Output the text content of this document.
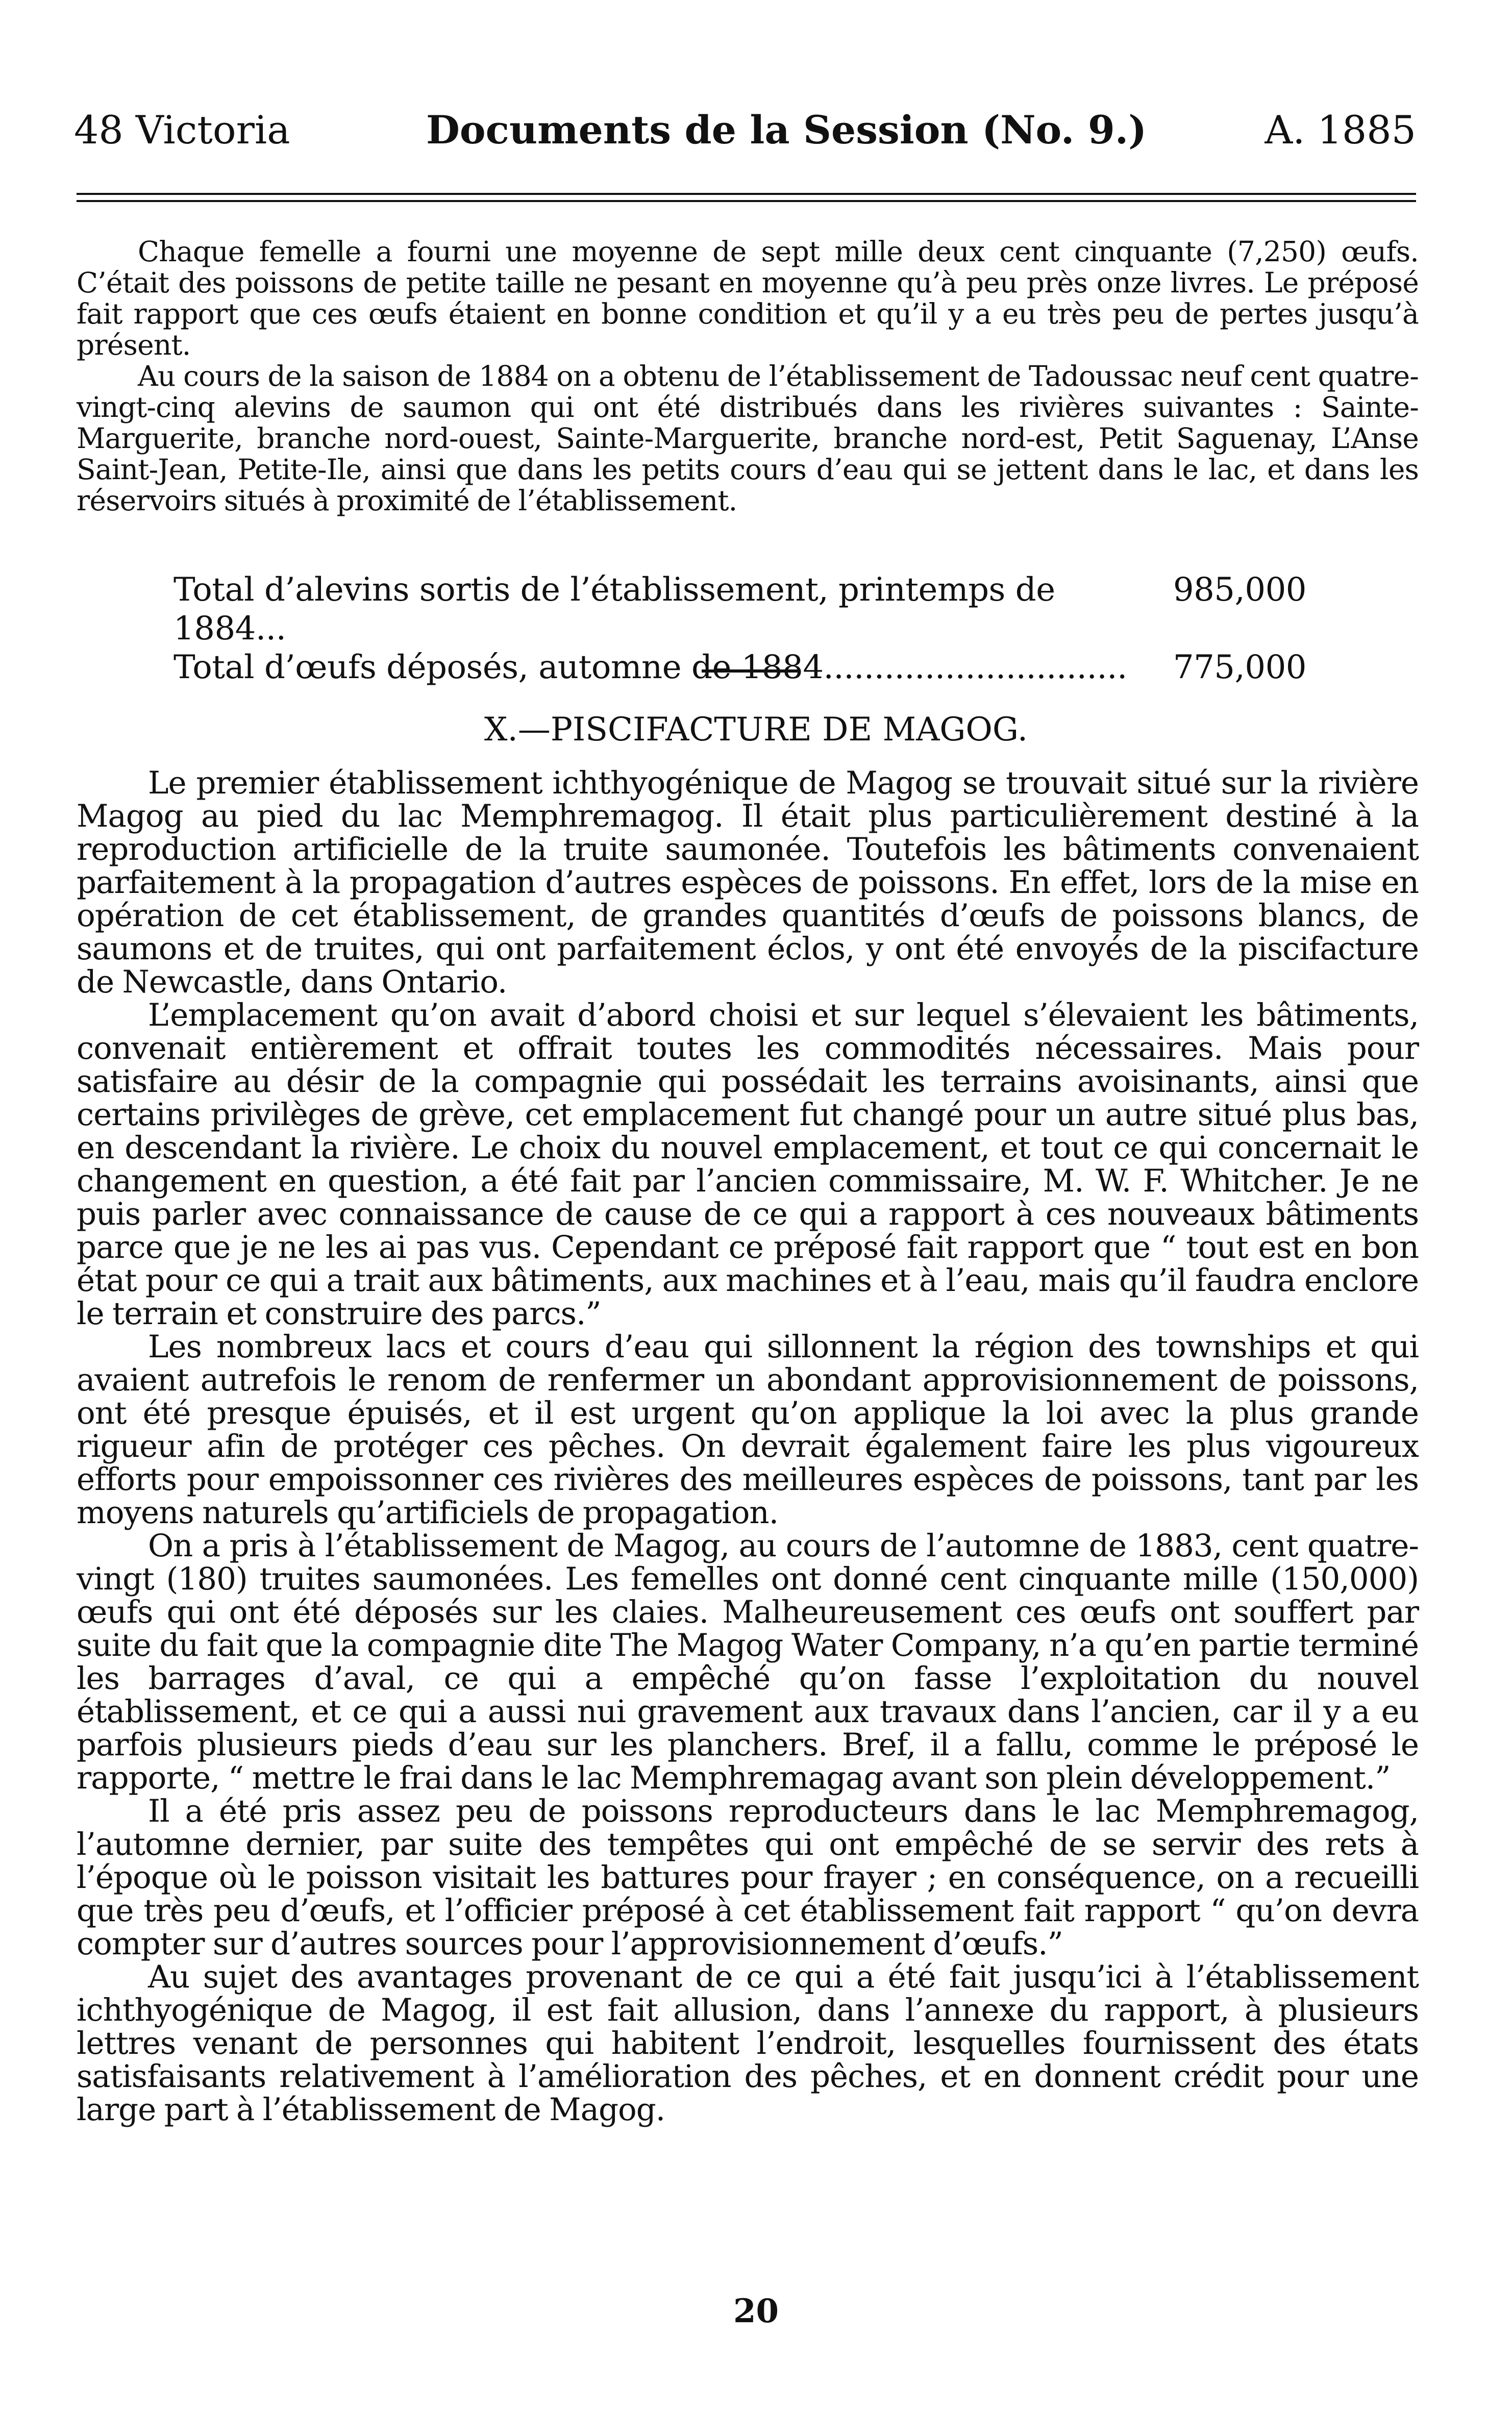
48 Victoria	Documents de la Session (No. 9.)	A. 1885

Chaque femelle a fourni une moyenne de sept mille deux cent cinquante (7,250) œufs. C’était des poissons de petite taille ne pesant en moyenne qu’à peu près onze livres. Le préposé fait rapport que ces œufs étaient en bonne condition et qu’il y a eu très peu de pertes jusqu’à présent.

Au cours de la saison de 1884 on a obtenu de l’établissement de Tadoussac neuf cent quatre-vingt-cinq alevins de saumon qui ont été distribués dans les rivières suivantes : Sainte-Marguerite, branche nord-ouest, Sainte-Marguerite, branche nord-est, Petit Saguenay, L’Anse Saint-Jean, Petite-Ile, ainsi que dans les petits cours d’eau qui se jettent dans le lac, et dans les réservoirs situés à proximité de l’établissement.

Total d’alevins sortis de l’établissement, printemps de 1884...
985,000
Total d’œufs déposés, automne de 1884.............................. 775,000
X.—PISCIFACTURE DE MAGOG.

Le premier établissement ichthyogénique de Magog se trouvait situé sur la rivière Magog au pied du lac Memphremagog. Il était plus particulièrement destiné à la reproduction artificielle de la truite saumonée. Toutefois les bâtiments convenaient parfaitement à la propagation d’autres espèces de poissons. En effet, lors de la mise en opération de cet établissement, de grandes quantités d’œufs de poissons blancs, de saumons et de truites, qui ont parfaitement éclos, y ont été envoyés de la piscifacture de Newcastle, dans Ontario.

L’emplacement qu’on avait d’abord choisi et sur lequel s’élevaient les bâtiments, convenait entièrement et offrait toutes les commodités nécessaires. Mais pour satisfaire au désir de la compagnie qui possédait les terrains avoisinants, ainsi que certains privilèges de grève, cet emplacement fut changé pour un autre situé plus bas, en descendant la rivière. Le choix du nouvel emplacement, et tout ce qui concernait le changement en question, a été fait par l’ancien commissaire, M. W. F. Whitcher. Je ne puis parler avec connaissance de cause de ce qui a rapport à ces nouveaux bâtiments parce que je ne les ai pas vus. Cependant ce préposé fait rapport que “ tout est en bon état pour ce qui a trait aux bâtiments, aux machines et à l’eau, mais qu’il faudra enclore le terrain et construire des parcs.”

Les nombreux lacs et cours d’eau qui sillonnent la région des townships et qui avaient autrefois le renom de renfermer un abondant approvisionnement de poissons, ont été presque épuisés, et il est urgent qu’on applique la loi avec la plus grande rigueur afin de protéger ces pêches. On devrait également faire les plus vigoureux efforts pour empoissonner ces rivières des meilleures espèces de poissons, tant par les moyens naturels qu’artificiels de propagation.

On a pris à l’établissement de Magog, au cours de l’automne de 1883, cent quatre-vingt (180) truites saumonées. Les femelles ont donné cent cinquante mille (150,000) œufs qui ont été déposés sur les claies. Malheureusement ces œufs ont souffert par suite du fait que la compagnie dite The Magog Water Company, n’a qu’en partie terminé les barrages d’aval, ce qui a empêché qu’on fasse l’exploitation du nouvel établissement, et ce qui a aussi nui gravement aux travaux dans l’ancien, car il y a eu parfois plusieurs pieds d’eau sur les planchers. Bref, il a fallu, comme le préposé le rapporte, “ mettre le frai dans le lac Memphremagag avant son plein développement.”

Il a été pris assez peu de poissons reproducteurs dans le lac Memphremagog, l’automne dernier, par suite des tempêtes qui ont empêché de se servir des rets à l’époque où le poisson visitait les battures pour frayer ; en conséquence, on a recueilli que très peu d’œufs, et l’officier préposé à cet établissement fait rapport “ qu’on devra compter sur d’autres sources pour l’approvisionnement d’œufs.”

Au sujet des avantages provenant de ce qui a été fait jusqu’ici à l’établissement ichthyogénique de Magog, il est fait allusion, dans l’annexe du rapport, à plusieurs lettres venant de personnes qui habitent l’endroit, lesquelles fournissent des états satisfaisants relativement à l’amélioration des pêches, et en donnent crédit pour une large part à l’établissement de Magog.

20
